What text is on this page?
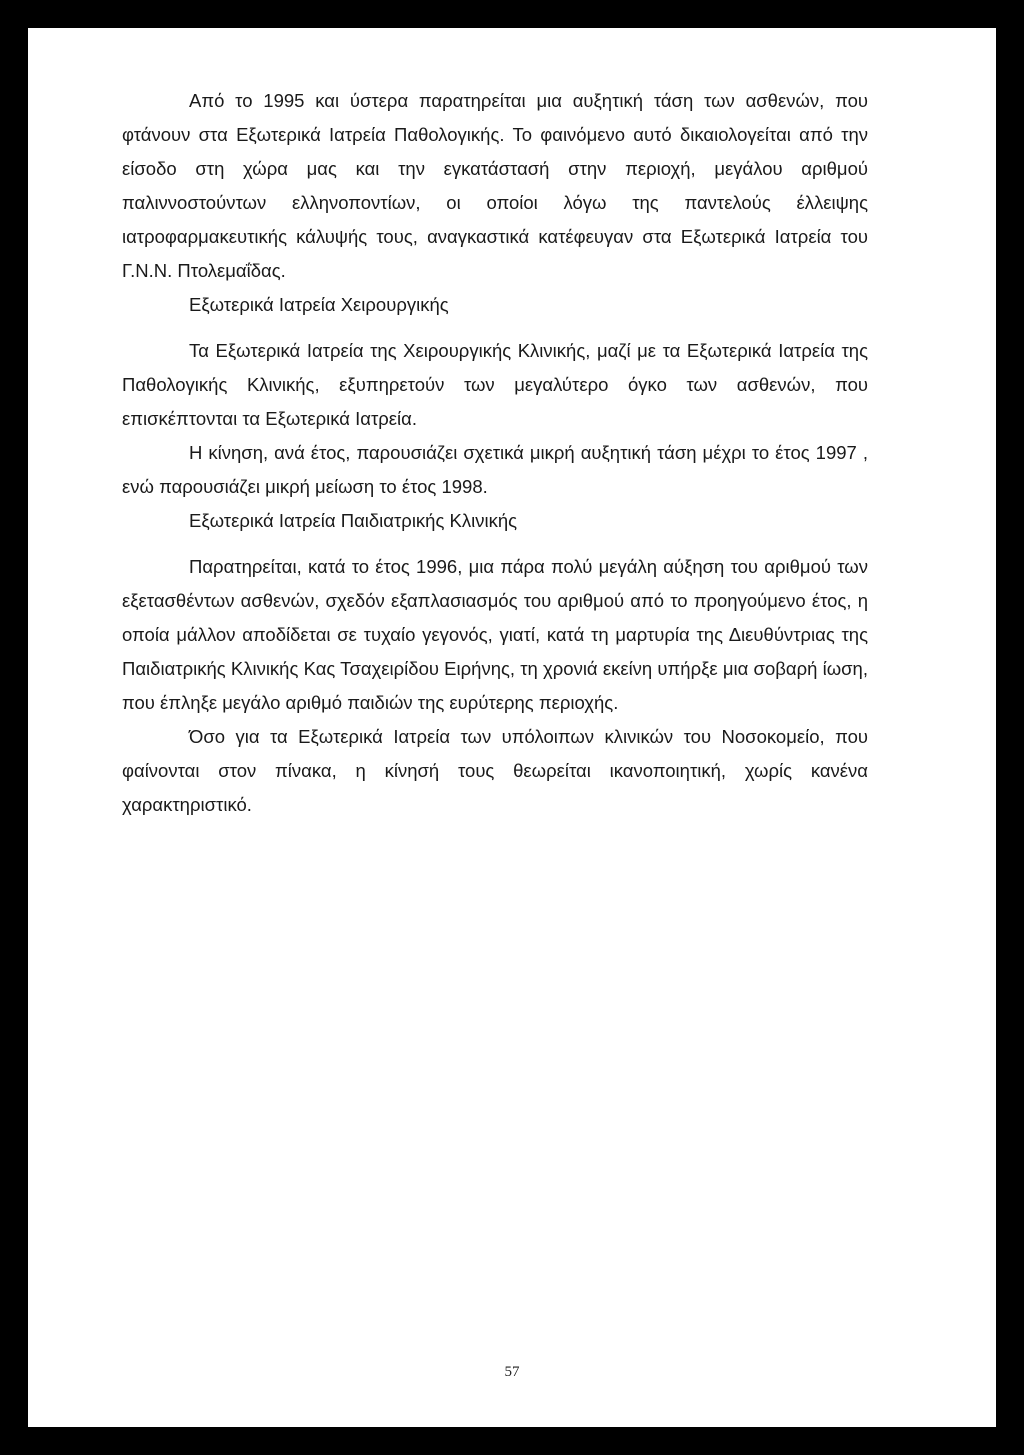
Από το 1995 και ύστερα παρατηρείται μια αυξητική τάση των ασθενών, που φτάνουν στα Εξωτερικά Ιατρεία Παθολογικής. Το φαινόμενο αυτό δικαιολογείται από την είσοδο στη χώρα μας και την εγκατάστασή στην περιοχή, μεγάλου αριθμού παλιννοστούντων ελληνοποντίων, οι οποίοι λόγω της παντελούς έλλειψης ιατροφαρμακευτικής κάλυψής τους, αναγκαστικά κατέφευγαν στα Εξωτερικά Ιατρεία του Γ.Ν.Ν. Πτολεμαΐδας.

Εξωτερικά Ιατρεία Χειρουργικής

Τα Εξωτερικά Ιατρεία της Χειρουργικής Κλινικής, μαζί με τα Εξωτερικά Ιατρεία της Παθολογικής Κλινικής, εξυπηρετούν των μεγαλύτερο όγκο των ασθενών, που επισκέπτονται τα Εξωτερικά Ιατρεία.

Η κίνηση, ανά έτος, παρουσιάζει σχετικά μικρή αυξητική τάση μέχρι το έτος 1997 , ενώ παρουσιάζει μικρή μείωση το έτος 1998.

Εξωτερικά Ιατρεία Παιδιατρικής Κλινικής

Παρατηρείται, κατά το έτος 1996, μια πάρα πολύ μεγάλη αύξηση του αριθμού των εξετασθέντων ασθενών, σχεδόν εξαπλασιασμός του αριθμού από το προηγούμενο έτος, η οποία μάλλον αποδίδεται σε τυχαίο γεγονός, γιατί, κατά τη μαρτυρία της Διευθύντριας της Παιδιατρικής Κλινικής Κας Τσαχειρίδου Ειρήνης, τη χρονιά εκείνη υπήρξε μια σοβαρή ίωση, που έπληξε μεγάλο αριθμό παιδιών της ευρύτερης περιοχής.

Όσο για τα Εξωτερικά Ιατρεία των υπόλοιπων κλινικών του Νοσοκομείο, που φαίνονται στον πίνακα, η κίνησή τους θεωρείται ικανοποιητική, χωρίς κανένα χαρακτηριστικό.

57
